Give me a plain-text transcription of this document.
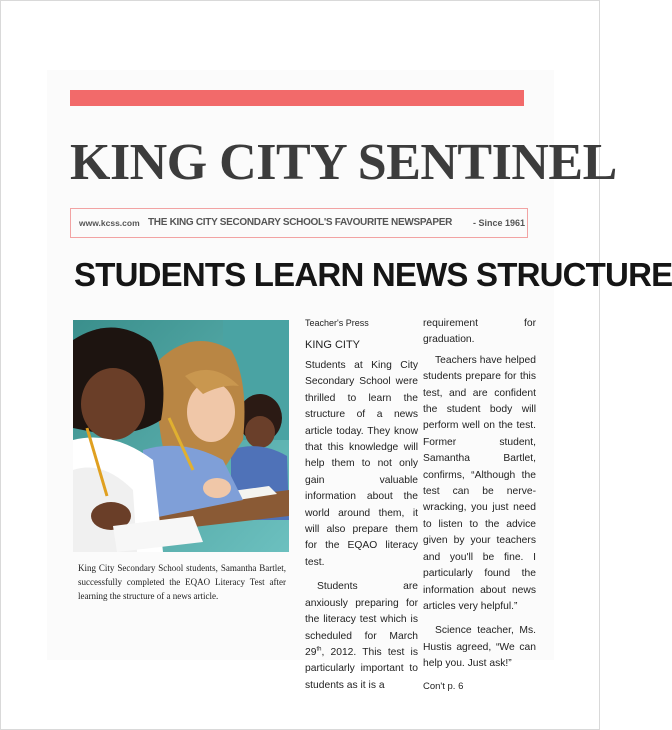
KING CITY SENTINEL
www.kcss.com THE KING CITY SECONDARY SCHOOL'S FAVOURITE NEWSPAPER - Since 1961
STUDENTS LEARN NEWS STRUCTURE
King City Secondary School students, Samantha Bartlet, successfully completed the EQAO Literacy Test after learning the structure of a news article.

Teacher's Press

KING CITY

Students at King City Secondary School were thrilled to learn the structure of a news article today. They know that this knowledge will help them to not only gain valuable information about the world around them, it will also prepare them for the EQAO literacy test.

Students are anxiously preparing for the literacy test which is scheduled for March 29th, 2012. This test is particularly important to students as it is a

requirement for graduation.

Teachers have helped students prepare for this test, and are confident the student body will perform well on the test. Former student, Samantha Bartlet, confirms, “Although the test can be nerve-wracking, you just need to listen to the advice given by your teachers and you'll be fine. I particularly found the information about news articles very helpful.”

Science teacher, Ms. Hustis agreed, “We can help you. Just ask!”

Con't p. 6
